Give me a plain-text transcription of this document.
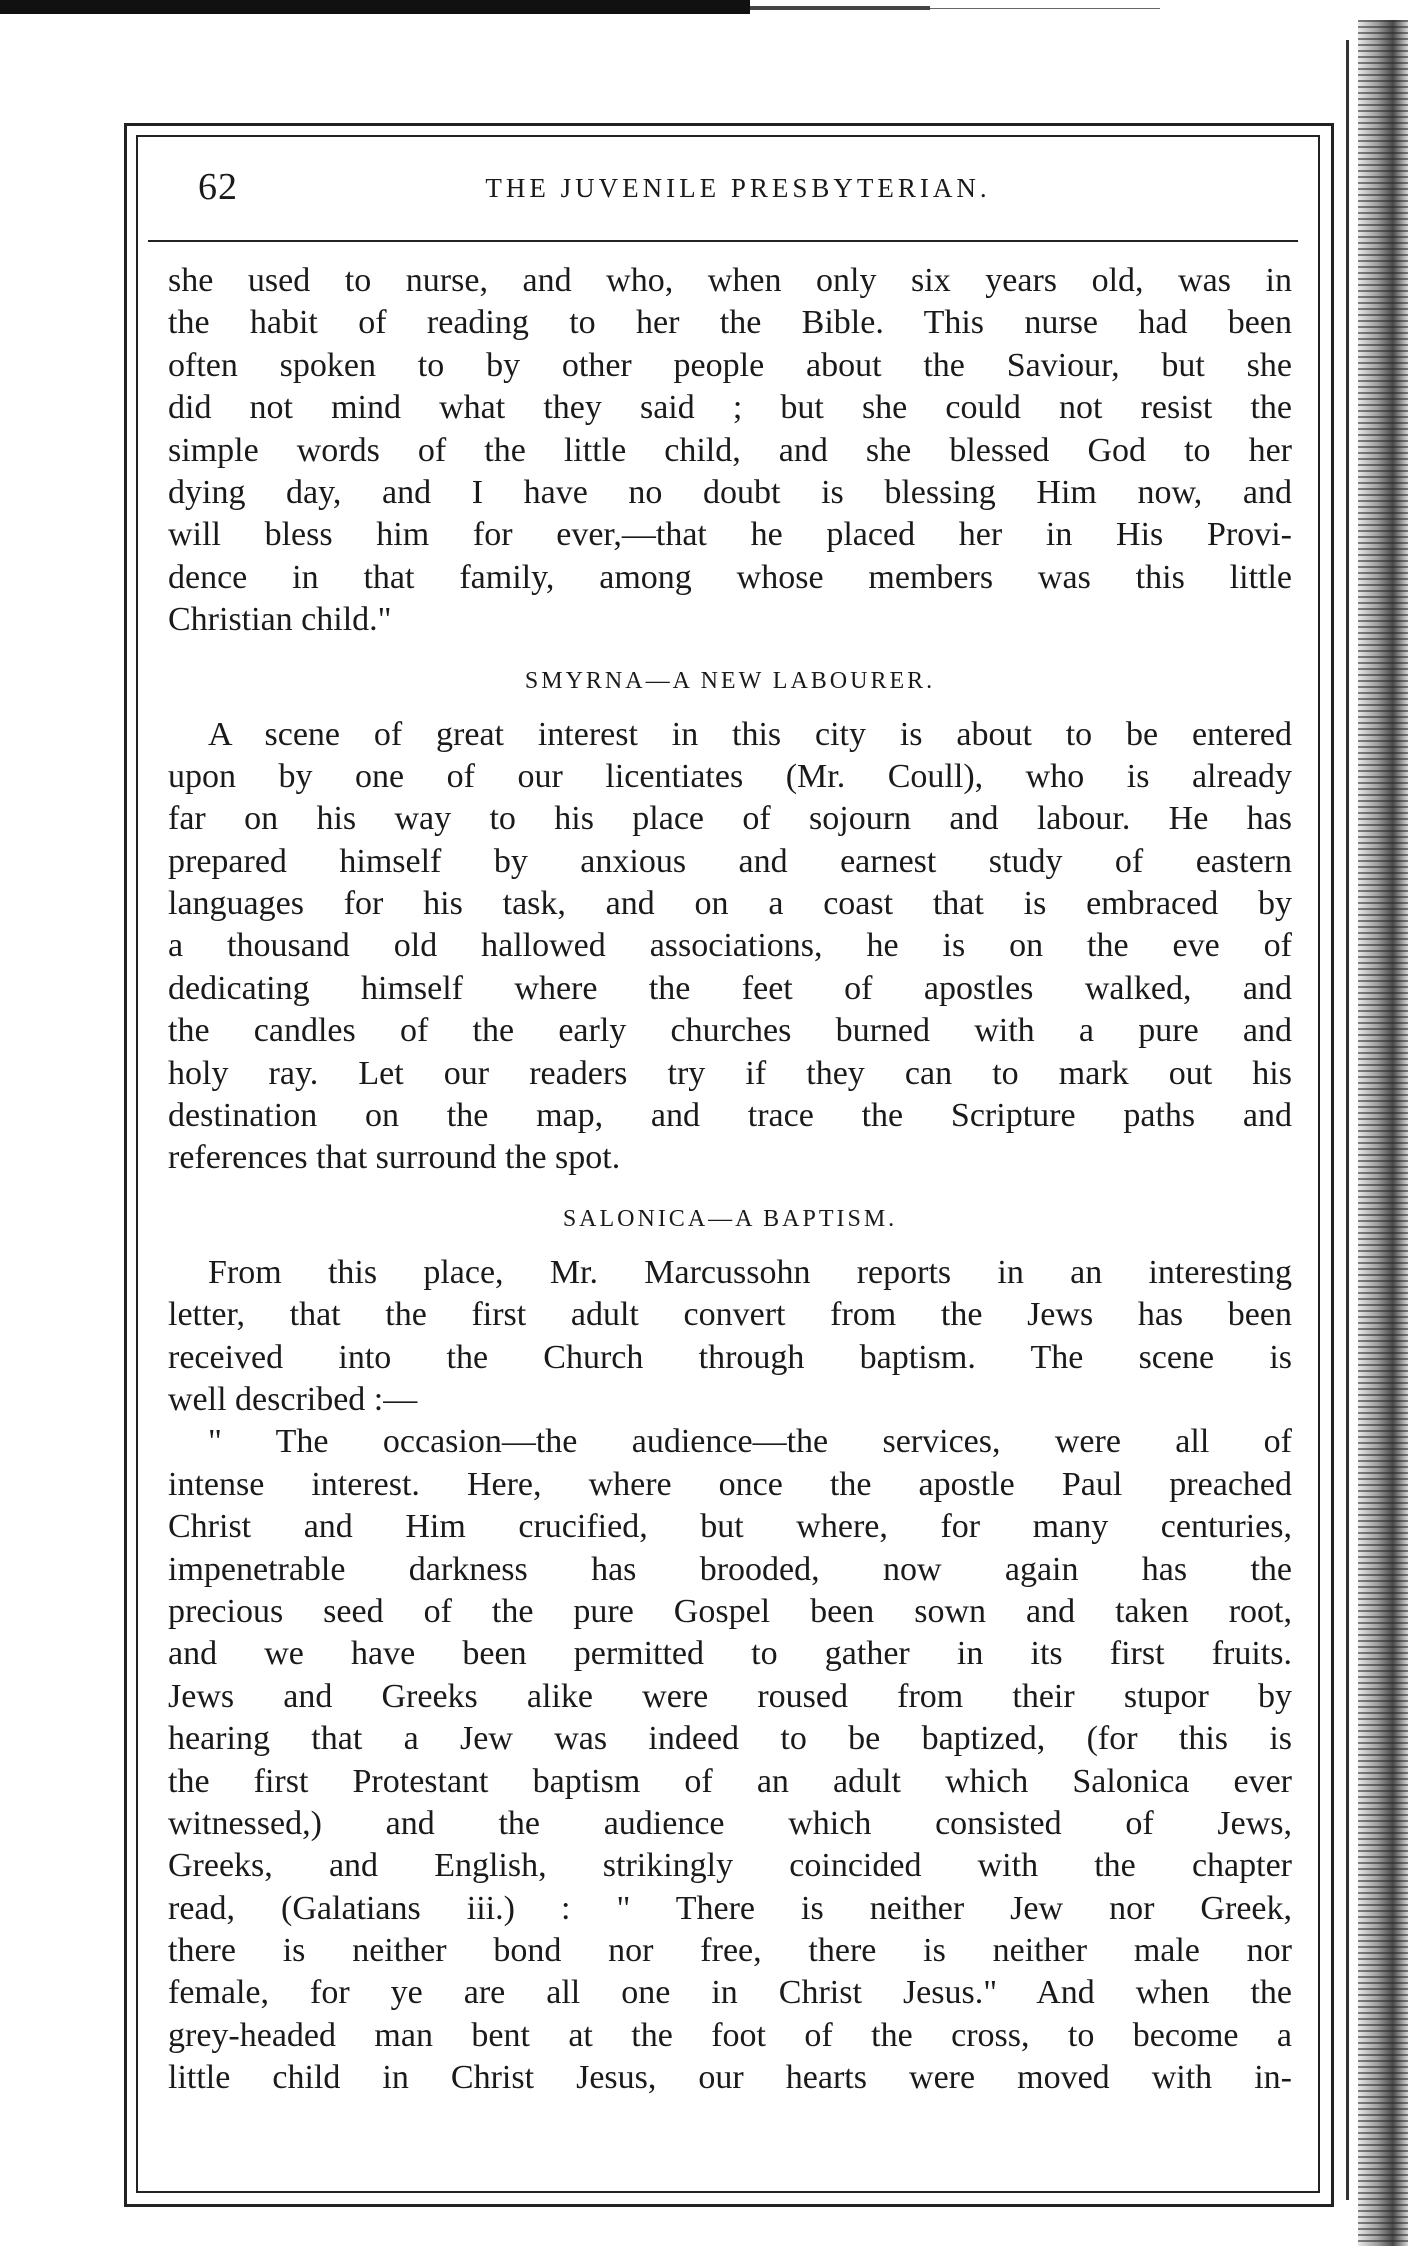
62	THE JUVENILE PRESBYTERIAN.
she used to nurse, and who, when only six years old, was in
the habit of reading to her the Bible. This nurse had been
often spoken to by other people about the Saviour, but she
did not mind what they said ; but she could not resist the
simple words of the little child, and she blessed God to her
dying day, and I have no doubt is blessing Him now, and
will bless him for ever,—that he placed her in His Provi-
dence in that family, among whose members was this little
Christian child."
SMYRNA—A NEW LABOURER.
A scene of great interest in this city is about to be entered
upon by one of our licentiates (Mr. Coull), who is already
far on his way to his place of sojourn and labour. He has
prepared himself by anxious and earnest study of eastern
languages for his task, and on a coast that is embraced by
a thousand old hallowed associations, he is on the eve of
dedicating himself where the feet of apostles walked, and
the candles of the early churches burned with a pure and
holy ray. Let our readers try if they can to mark out his
destination on the map, and trace the Scripture paths and
references that surround the spot.
SALONICA—A BAPTISM.
From this place, Mr. Marcussohn reports in an interesting
letter, that the first adult convert from the Jews has been
received into the Church through baptism. The scene is
well described :—
" The occasion—the audience—the services, were all of
intense interest. Here, where once the apostle Paul preached
Christ and Him crucified, but where, for many centuries,
impenetrable darkness has brooded, now again has the
precious seed of the pure Gospel been sown and taken root,
and we have been permitted to gather in its first fruits.
Jews and Greeks alike were roused from their stupor by
hearing that a Jew was indeed to be baptized, (for this is
the first Protestant baptism of an adult which Salonica ever
witnessed,) and the audience which consisted of Jews,
Greeks, and English, strikingly coincided with the chapter
read, (Galatians iii.) : " There is neither Jew nor Greek,
there is neither bond nor free, there is neither male nor
female, for ye are all one in Christ Jesus." And when the
grey-headed man bent at the foot of the cross, to become a
little child in Christ Jesus, our hearts were moved with in-
